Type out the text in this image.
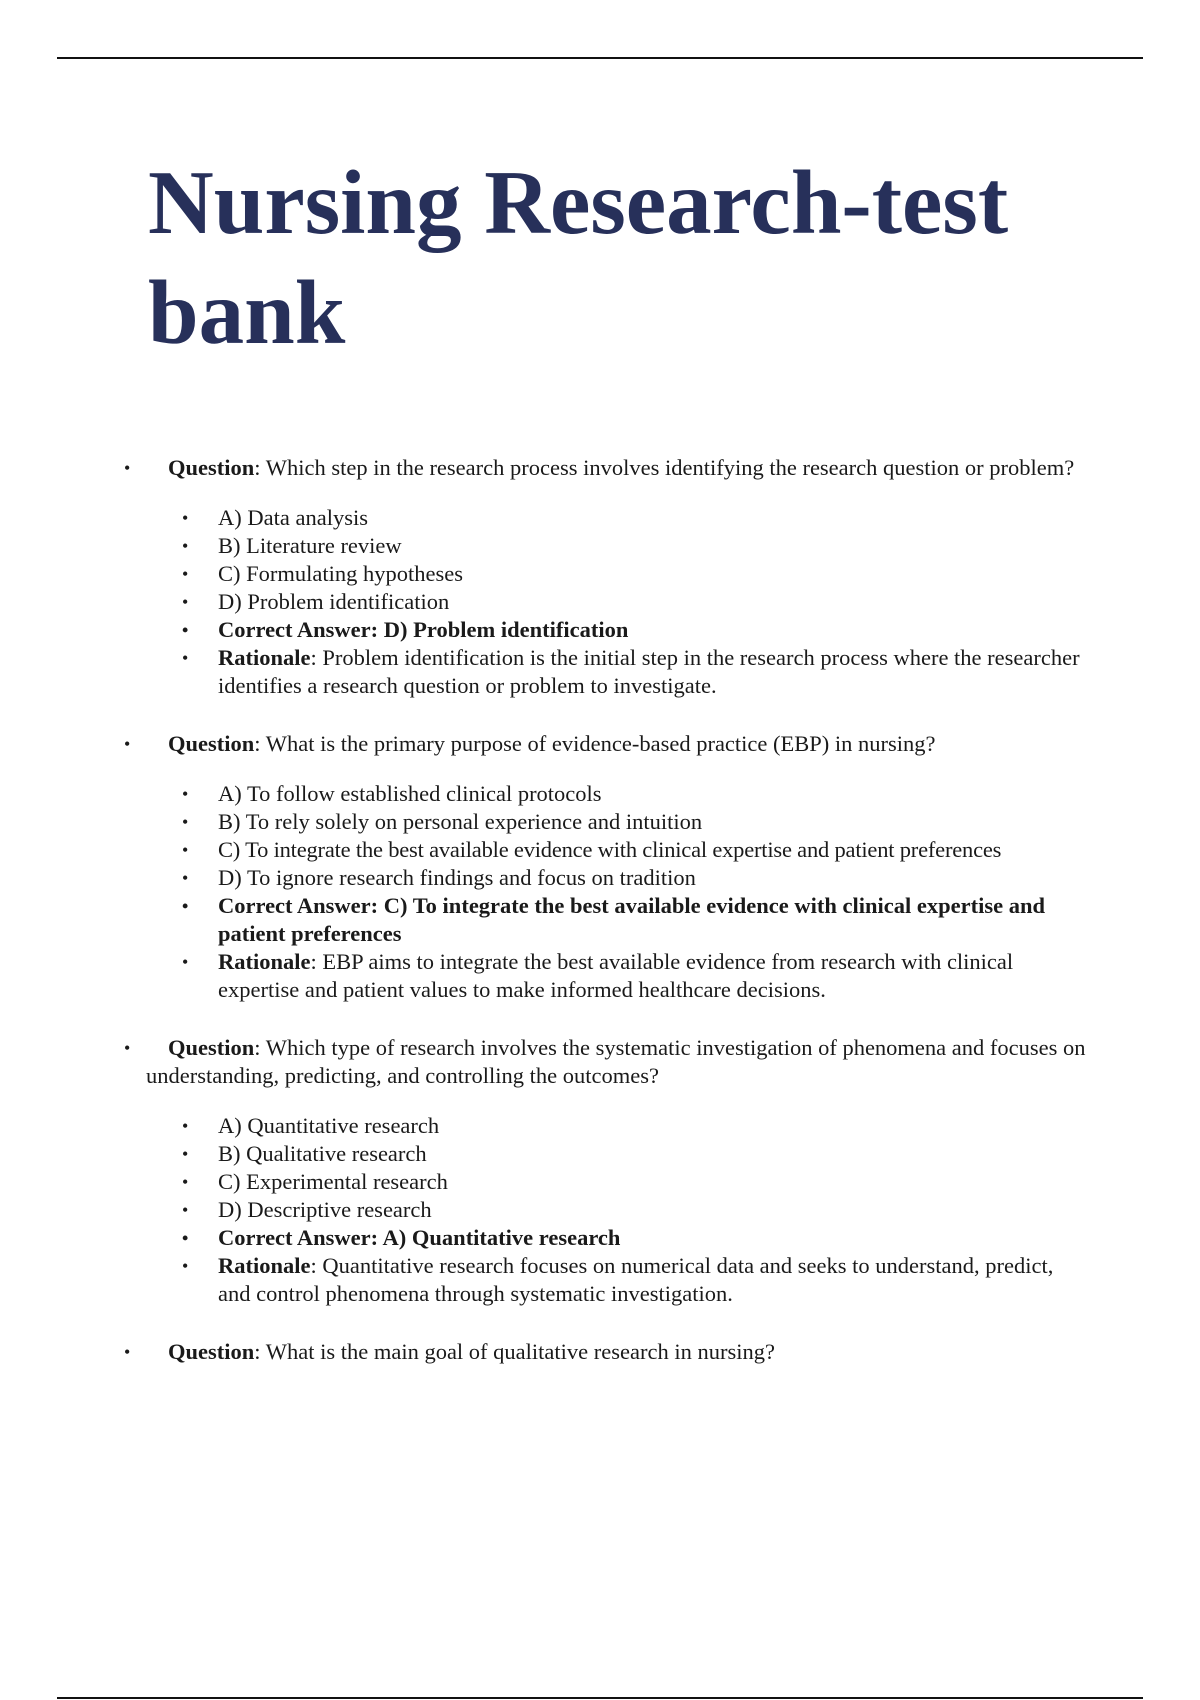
Nursing Research-test bank

• Question: Which step in the research process involves identifying the research question or problem?

• A) Data analysis
• B) Literature review
• C) Formulating hypotheses
• D) Problem identification
• Correct Answer: D) Problem identification
• Rationale: Problem identification is the initial step in the research process where the researcher identifies a research question or problem to investigate.

• Question: What is the primary purpose of evidence-based practice (EBP) in nursing?

• A) To follow established clinical protocols
• B) To rely solely on personal experience and intuition
• C) To integrate the best available evidence with clinical expertise and patient preferences
• D) To ignore research findings and focus on tradition
• Correct Answer: C) To integrate the best available evidence with clinical expertise and patient preferences
• Rationale: EBP aims to integrate the best available evidence from research with clinical expertise and patient values to make informed healthcare decisions.

• Question: Which type of research involves the systematic investigation of phenomena and focuses on understanding, predicting, and controlling the outcomes?

• A) Quantitative research
• B) Qualitative research
• C) Experimental research
• D) Descriptive research
• Correct Answer: A) Quantitative research
• Rationale: Quantitative research focuses on numerical data and seeks to understand, predict, and control phenomena through systematic investigation.

• Question: What is the main goal of qualitative research in nursing?
